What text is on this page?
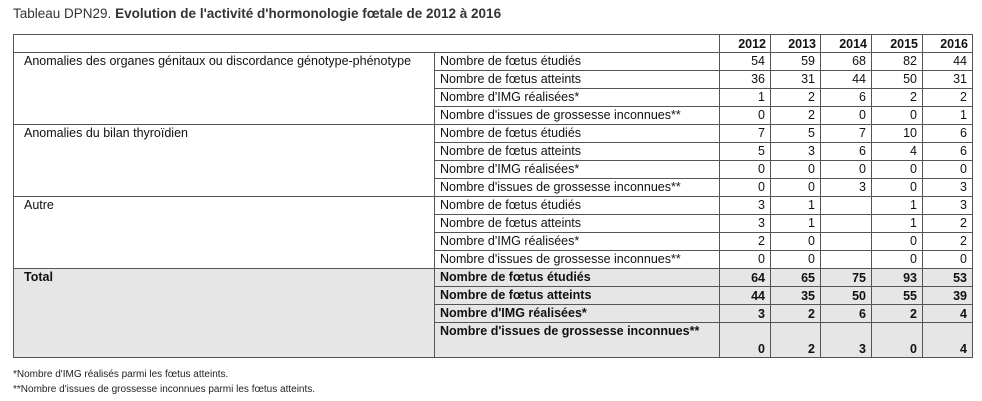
Tableau DPN29. Evolution de l'activité d'hormonologie fœtale de 2012 à 2016
		2012	2013	2014	2015	2016
Anomalies des organes génitaux ou discordance génotype-phénotype	Nombre de fœtus étudiés	54	59	68	82	44
	Nombre de fœtus atteints	36	31	44	50	31
	Nombre d'IMG réalisées*	1	2	6	2	2
	Nombre d'issues de grossesse inconnues**	0	2	0	0	1
Anomalies du bilan thyroïdien	Nombre de fœtus étudiés	7	5	7	10	6
	Nombre de fœtus atteints	5	3	6	4	6
	Nombre d'IMG réalisées*	0	0	0	0	0
	Nombre d'issues de grossesse inconnues**	0	0	3	0	3
Autre	Nombre de fœtus étudiés	3	1		1	3
	Nombre de fœtus atteints	3	1		1	2
	Nombre d'IMG réalisées*	2	0		0	2
	Nombre d'issues de grossesse inconnues**	0	0		0	0
Total	Nombre de fœtus étudiés	64	65	75	93	53
	Nombre de fœtus atteints	44	35	50	55	39
	Nombre d'IMG réalisées*	3	2	6	2	4
	Nombre d'issues de grossesse inconnues**	0	2	3	0	4
*Nombre d'IMG réalisés parmi les fœtus atteints.
**Nombre d'issues de grossesse inconnues parmi les fœtus atteints.
